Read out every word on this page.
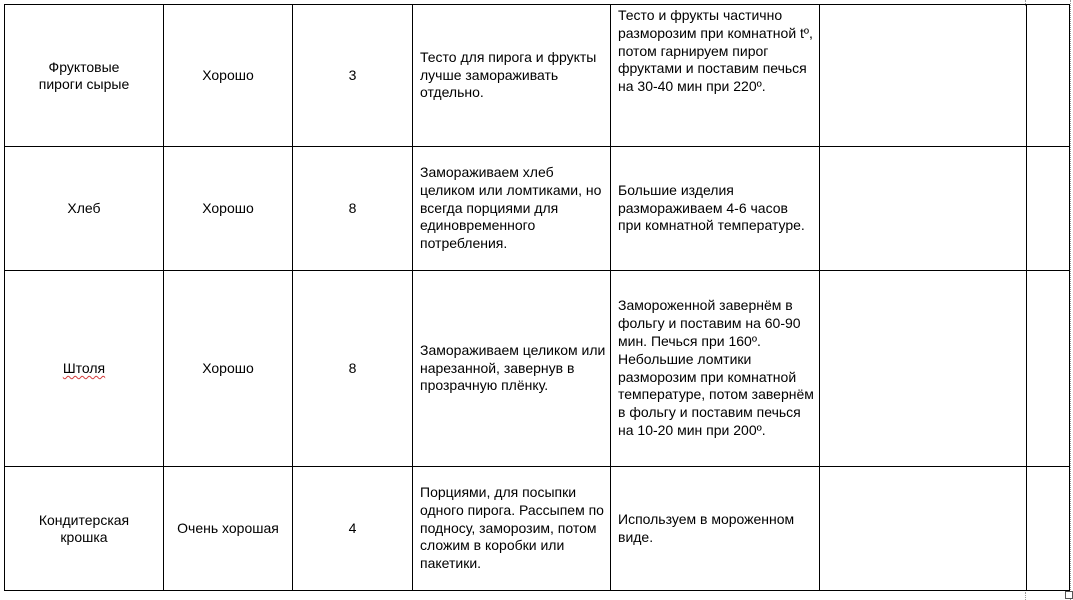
Фруктовые пироги сырые	Хорошо	3	Тесто для пирога и фрукты лучше замораживать отдельно.	Тесто и фрукты частично разморозим при комнатной tº, потом гарнируем пирог фруктами и поставим печься на 30-40 мин при 220º.		

Хлеб	Хорошо	8	Замораживаем хлеб целиком или ломтиками, но всегда порциями для единовременного потребления.	Большие изделия размораживаем 4-6 часов при комнатной температуре.		

Штоля	Хорошо	8	Замораживаем целиком или нарезанной, завернув в прозрачную плёнку.	Замороженной завернём в фольгу и поставим на 60-90 мин. Печься при 160º. Небольшие ломтики разморозим при комнатной температуре, потом завернём в фольгу и поставим печься на 10-20 мин при 200º.		

Кондитерская крошка	Очень хорошая	4	Порциями, для посыпки одного пирога. Рассыпем по подносу, заморозим, потом сложим в коробки или пакетики.	Используем в мороженном виде.		
